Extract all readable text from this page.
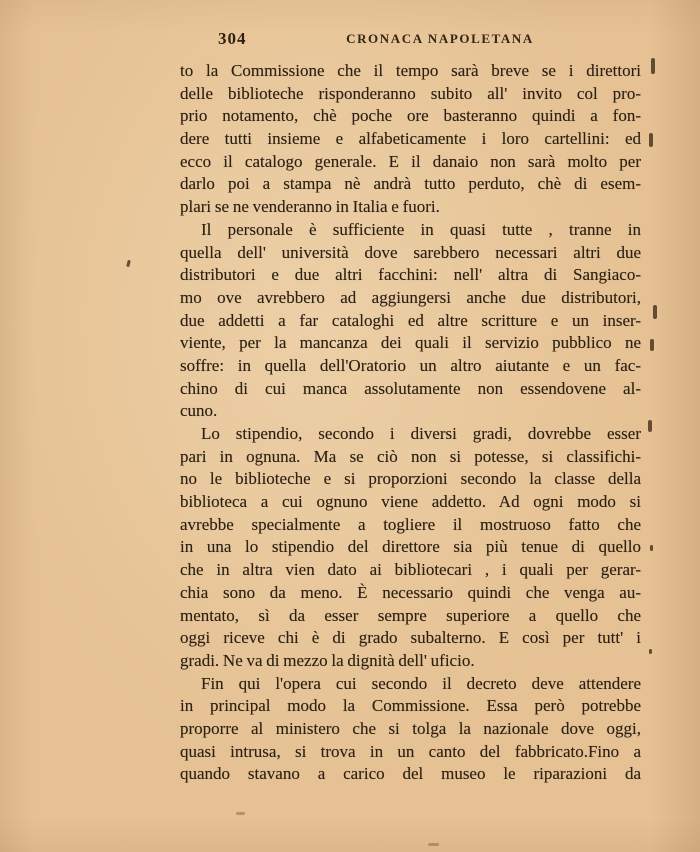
304	CRONACA NAPOLETANA
to la Commissione che il tempo sarà breve se i direttori
delle biblioteche risponderanno subito all' invito col pro-
prio notamento, chè poche ore basteranno quindi a fon-
dere tutti insieme e alfabeticamente i loro cartellini: ed
ecco il catalogo generale. E il danaio non sarà molto per
darlo poi a stampa nè andrà tutto perduto, chè di esem-
plari se ne venderanno in Italia e fuori.
Il personale è sufficiente in quasi tutte , tranne in
quella dell' università dove sarebbero necessari altri due
distributori e due altri facchini: nell' altra di Sangiaco-
mo ove avrebbero ad aggiungersi anche due distributori,
due addetti a far cataloghi ed altre scritture e un inser-
viente, per la mancanza dei quali il servizio pubblico ne
soffre: in quella dell'Oratorio un altro aiutante e un fac-
chino di cui manca assolutamente non essendovene al-
cuno.
Lo stipendio, secondo i diversi gradi, dovrebbe esser
pari in ognuna. Ma se ciò non si potesse, si classifichi-
no le biblioteche e si proporzioni secondo la classe della
biblioteca a cui ognuno viene addetto. Ad ogni modo si
avrebbe specialmente a togliere il mostruoso fatto che
in una lo stipendio del direttore sia più tenue di quello
che in altra vien dato ai bibliotecari , i quali per gerar-
chia sono da meno. È necessario quindi che venga au-
mentato, sì da esser sempre superiore a quello che
oggi riceve chi è di grado subalterno. E così per tutt' i
gradi. Ne va di mezzo la dignità dell' uficio.
Fin qui l'opera cui secondo il decreto deve attendere
in principal modo la Commissione. Essa però potrebbe
proporre al ministero che si tolga la nazionale dove oggi,
quasi intrusa, si trova in un canto del fabbricato.Fino a
quando stavano a carico del museo le riparazioni da
